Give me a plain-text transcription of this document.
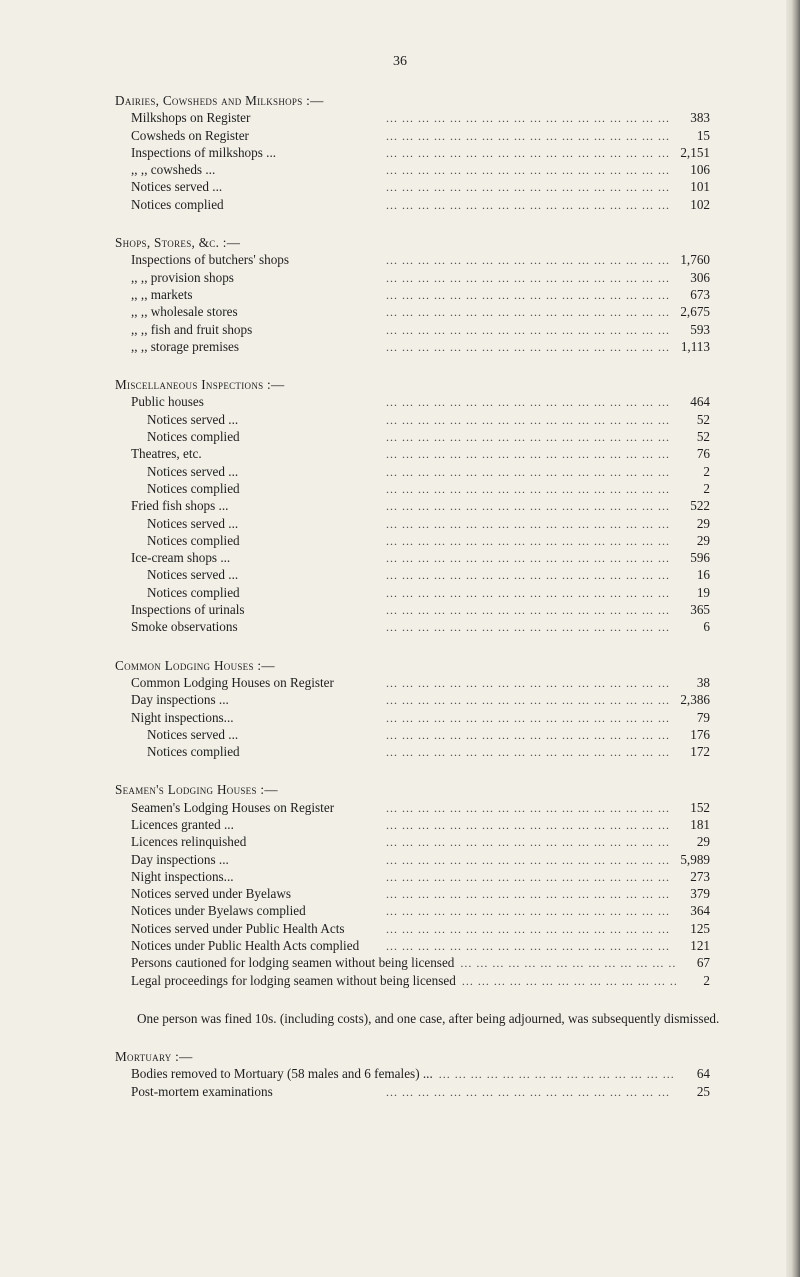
36
Dairies, Cowsheds and Milkshops :—
Milkshops on Register ... .	383
Cowsheds on Register ... .	15
Inspections of milkshops ... ... .	2,151
,, ,, cowsheds ... ... .	106
Notices served ... ... .	101
Notices complied ... .	102
Shops, Stores, &c. :—
Inspections of butchers' shops ... .	1,760
,, ,, provision shops ... .	306
,, ,, markets ... .	673
,, ,, wholesale stores ... .	2,675
,, ,, fish and fruit shops ... .	593
,, ,, storage premises ... .	1,113
Miscellaneous Inspections :—
Public houses ... .	464
Notices served ... ... .	52
Notices complied ... .	52
Theatres, etc. ... .	76
Notices served ... ... .	2
Notices complied ... .	2
Fried fish shops ... ... .	522
Notices served ... ... .	29
Notices complied ... .	29
Ice-cream shops ... ... .	596
Notices served ... ... .	16
Notices complied ... .	19
Inspections of urinals ... .	365
Smoke observations ... .	6
Common Lodging Houses :—
Common Lodging Houses on Register ... .	38
Day inspections ... ... .	2,386
Night inspections... ... .	79
Notices served ... ... .	176
Notices complied ... .	172
Seamen's Lodging Houses :—
Seamen's Lodging Houses on Register ... .	152
Licences granted ... ... .	181
Licences relinquished ... .	29
Day inspections ... ... .	5,989
Night inspections... ... .	273
Notices served under Byelaws ... .	379
Notices under Byelaws complied ... .	364
Notices served under Public Health Acts ... .	125
Notices under Public Health Acts complied ... .	121
Persons cautioned for lodging seamen without being licensed ... .	67
Legal proceedings for lodging seamen without being licensed ... .	2

One person was fined 10s. (including costs), and one case, after being adjourned, was subsequently dismissed.

Mortuary :—
Bodies removed to Mortuary (58 males and 6 females) ... ... .	64
Post-mortem examinations ... .	25
